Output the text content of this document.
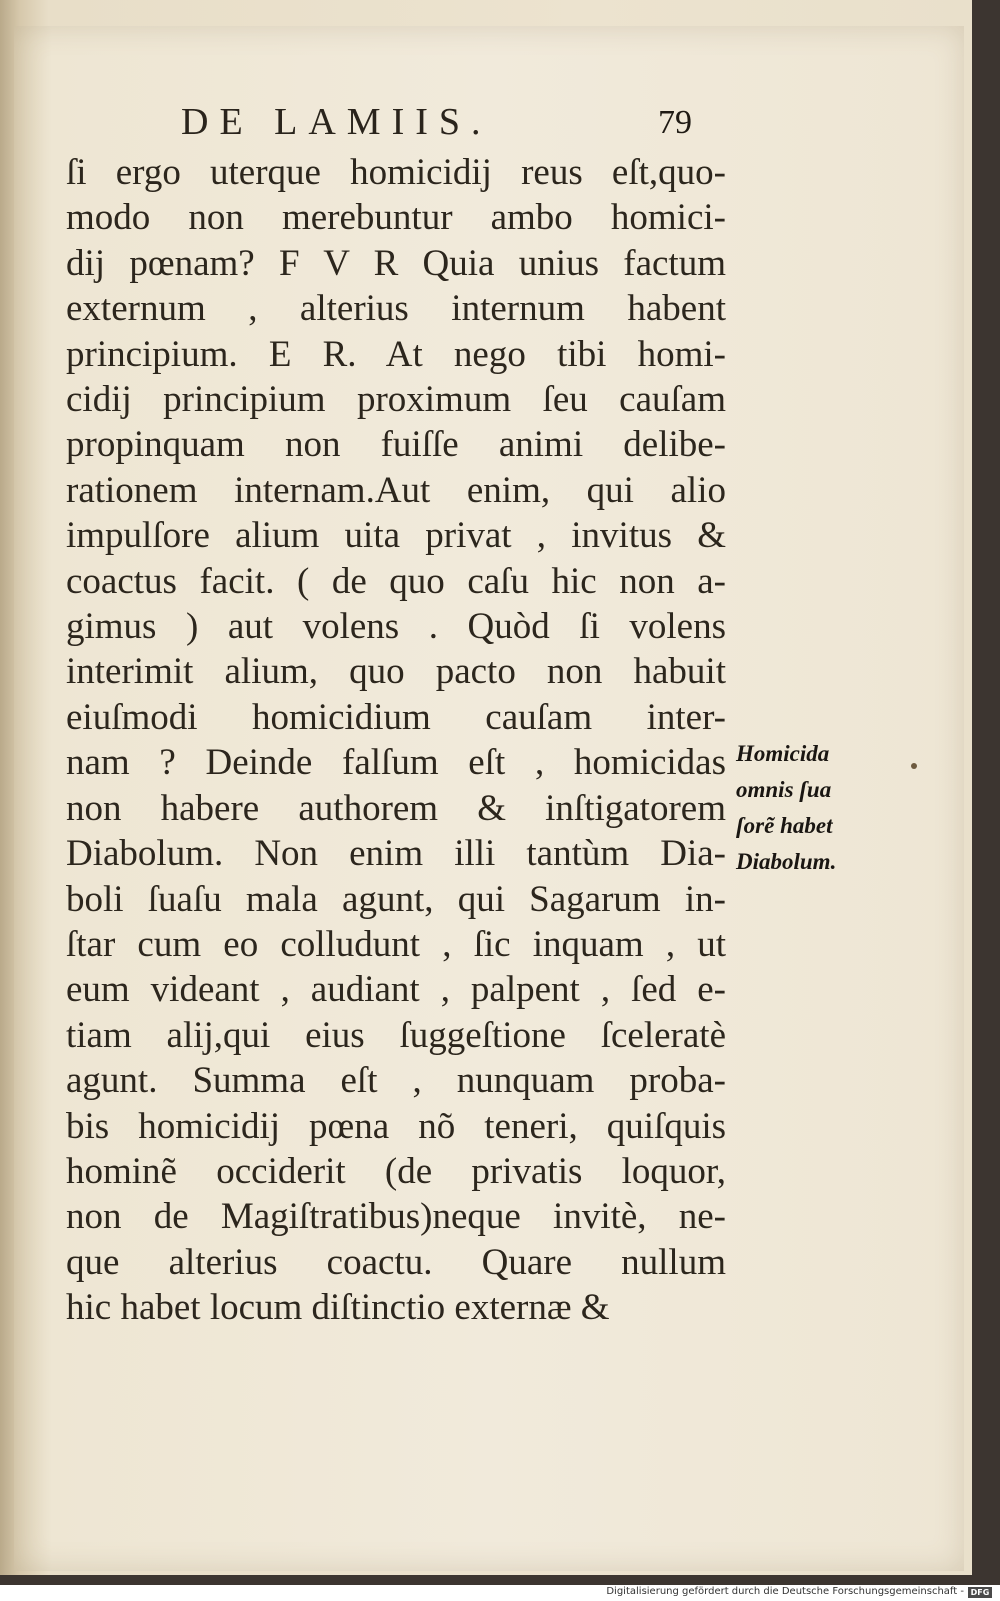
DE LAMIIS.	79
ſi ergo uterque homicidij reus eſt,quo-
modo non merebuntur ambo homici-
dij pœnam? F V R Quia unius factum
externum , alterius internum habent
principium. E R. At nego tibi homi-
cidij principium proximum ſeu cauſam
propinquam non fuiſſe animi delibe-
rationem internam.Aut enim, qui alio
impulſore alium uita privat , invitus &
coactus facit. ( de quo caſu hic non a-
gimus ) aut volens . Quòd ſi volens
interimit alium, quo pacto non habuit
eiuſmodi homicidium cauſam inter-
nam ? Deinde falſum eſt , homicidas
non habere authorem & inſtigatorem
Diabolum. Non enim illi tantùm Dia-
boli ſuaſu mala agunt, qui Sagarum in-
ſtar cum eo colludunt , ſic inquam , ut
eum videant , audiant , palpent , ſed e-
tiam alij,qui eius ſuggeſtione ſceleratè
agunt. Summa eſt , nunquam proba-
bis homicidij pœna nõ teneri, quiſquis
hominẽ occiderit (de privatis loquor,
non de Magiſtratibus)neque invitè, ne-
que alterius coactu. Quare nullum
hic habet locum diſtinctio externæ &
Homicida
omnis ſua
ſorẽ habet
Diabolum.
Digitalisierung gefördert durch die Deutsche Forschungsgemeinschaft - DFG
